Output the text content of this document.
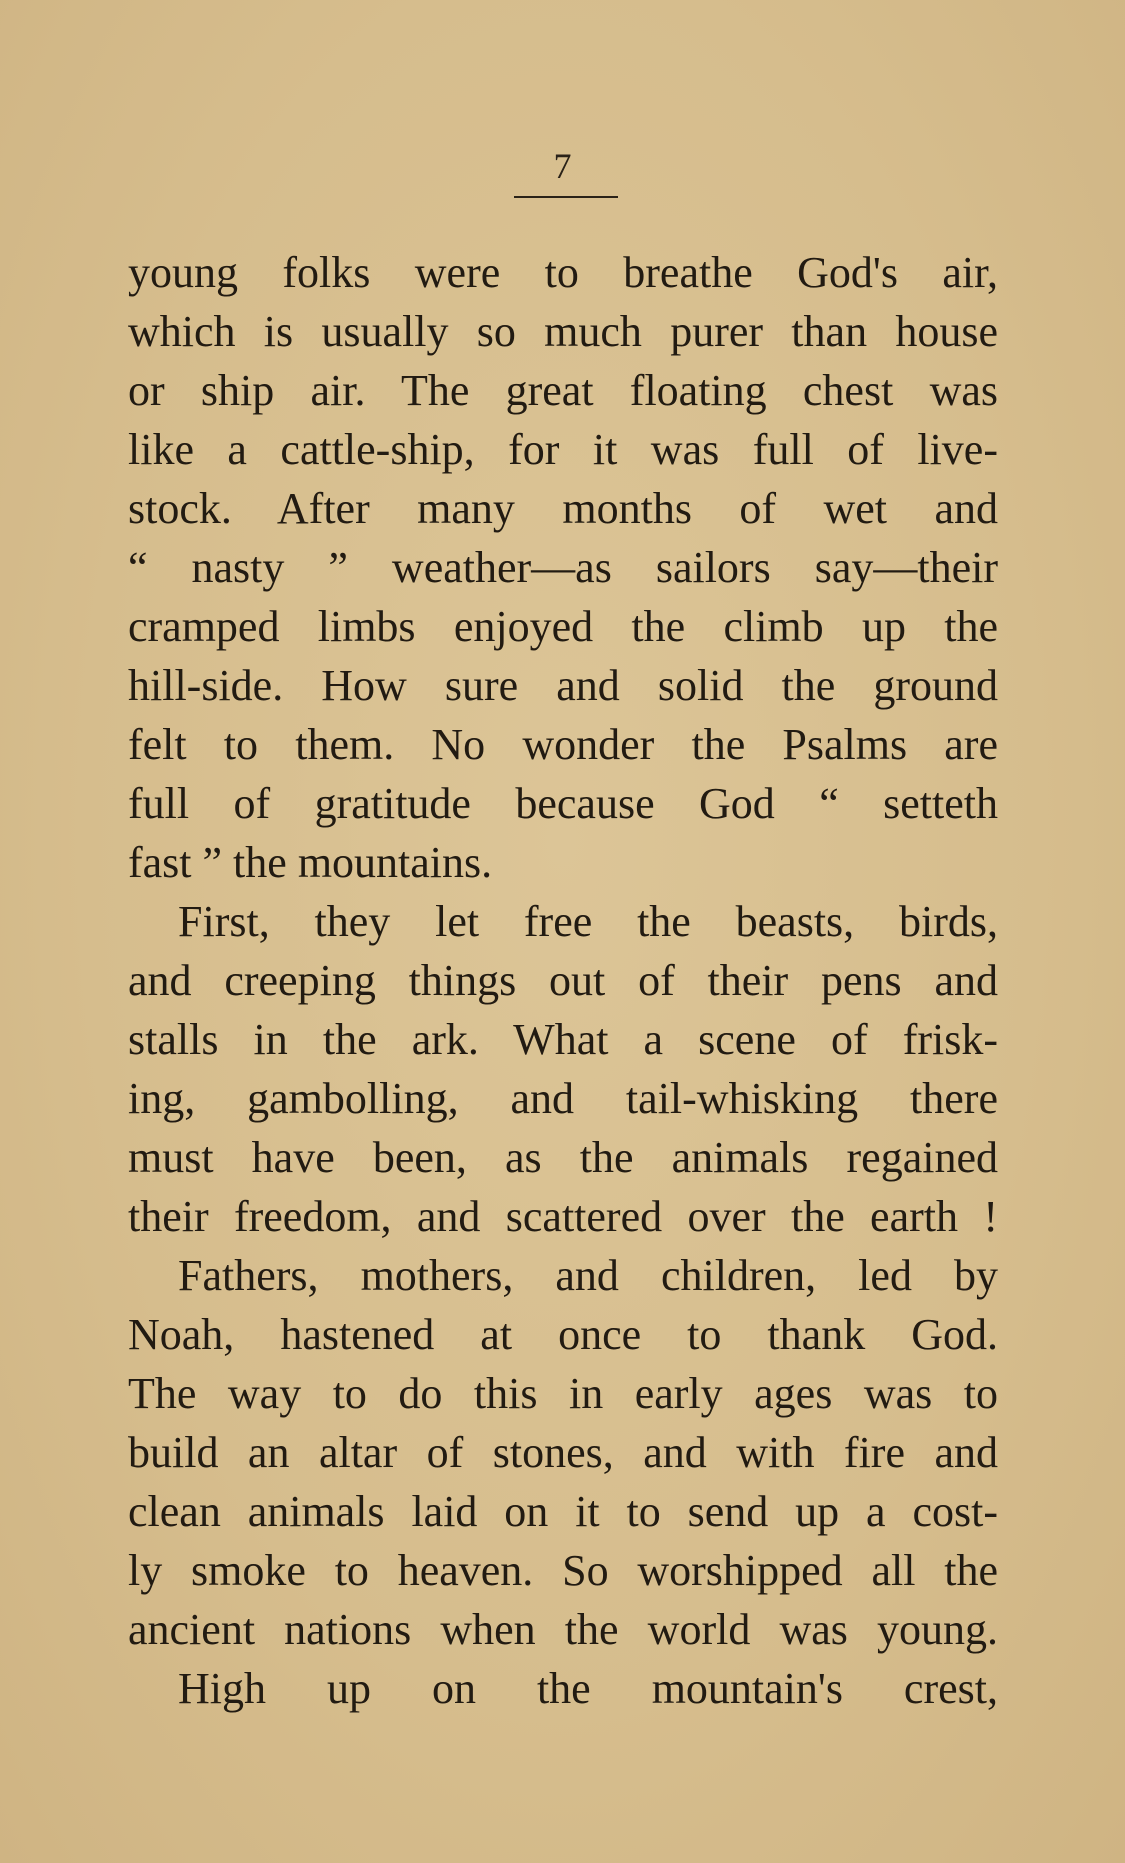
7
young folks were to breathe God's air,
which is usually so much purer than house
or ship air. The great floating chest was
like a cattle-ship, for it was full of live-
stock. After many months of wet and
“ nasty ” weather—as sailors say—their
cramped limbs enjoyed the climb up the
hill-side. How sure and solid the ground
felt to them. No wonder the Psalms are
full of gratitude because God “ setteth
fast ” the mountains.
First, they let free the beasts, birds,
and creeping things out of their pens and
stalls in the ark. What a scene of frisk-
ing, gambolling, and tail-whisking there
must have been, as the animals regained
their freedom, and scattered over the earth !
Fathers, mothers, and children, led by
Noah, hastened at once to thank God.
The way to do this in early ages was to
build an altar of stones, and with fire and
clean animals laid on it to send up a cost-
ly smoke to heaven. So worshipped all the
ancient nations when the world was young.
High up on the mountain's crest,
